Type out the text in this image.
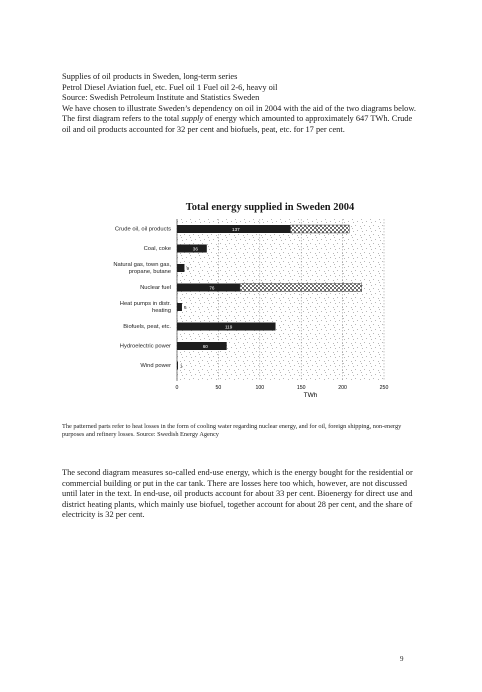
Supplies of oil products in Sweden, long-term series

Petrol Diesel Aviation fuel, etc. Fuel oil 1 Fuel oil 2-6, heavy oil

Source: Swedish Petroleum Institute and Statistics Sweden

We have chosen to illustrate Sweden’s dependency on oil in 2004 with the aid of the two diagrams below. The first diagram refers to the total supply of energy which amounted to approximately 647 TWh. Crude oil and oil products accounted for 32 per cent and biofuels, peat, etc. for 17 per cent.

Total energy supplied in Sweden 2004
137
36
9
76
6
119
60
1
Crude oil, oil products
Coal, coke
Natural gas, town gas,
propane, butane
Nuclear fuel
Heat pumps in distr.
heating
Biofuels, peat, etc.
Hydroelectric power
Wind power
0	50	100	150	200	250
TWh

The patterned parts refer to heat losses in the form of cooling water regarding nuclear energy, and for oil, foreign shipping, non-energy purposes and refinery losses. Source: Swedish Energy Agency

The second diagram measures so-called end-use energy, which is the energy bought for the residential or commercial building or put in the car tank. There are losses here too which, however, are not discussed until later in the text. In end-use, oil products account for about 33 per cent. Bioenergy for direct use and district heating plants, which mainly use biofuel, together account for about 28 per cent, and the share of electricity is 32 per cent.

9
